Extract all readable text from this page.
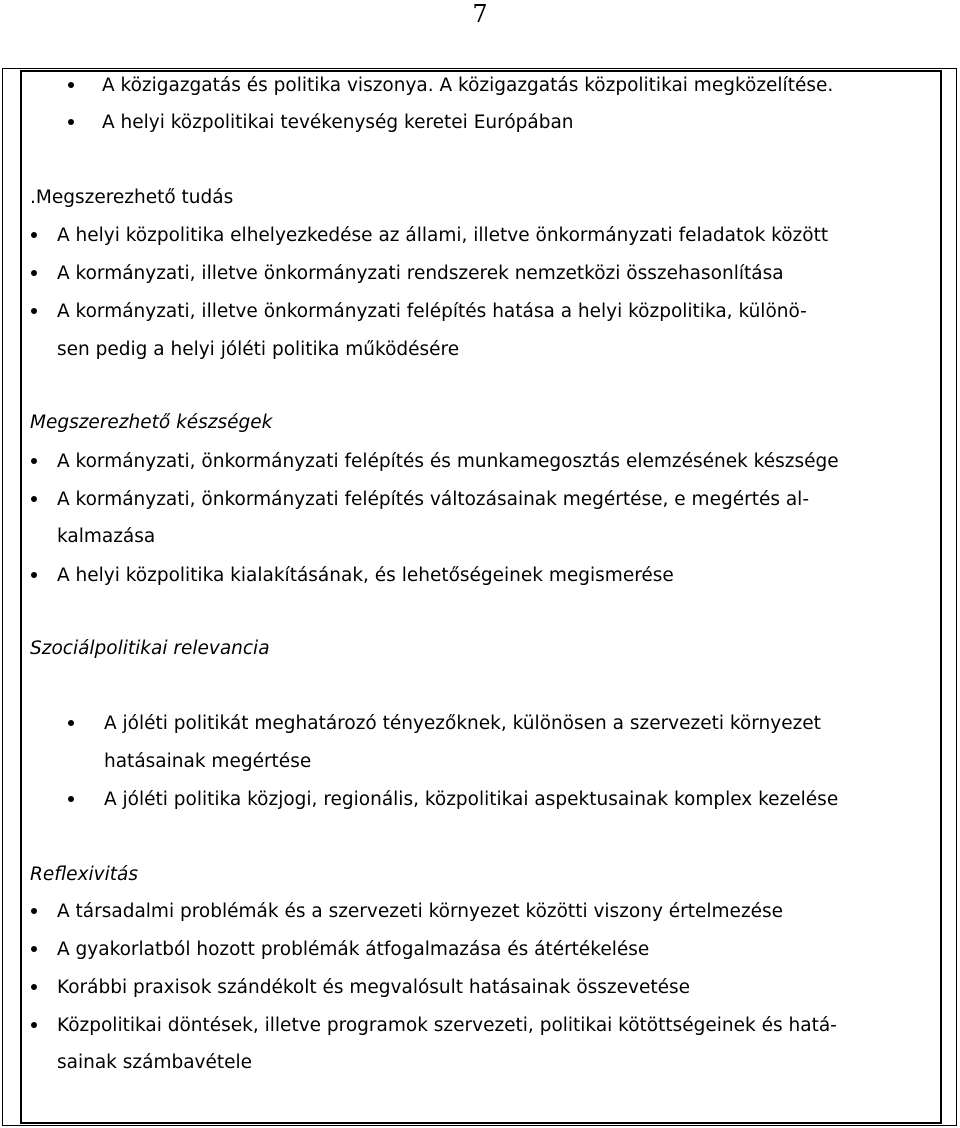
7
A közigazgatás és politika viszonya. A közigazgatás közpolitikai megközelítése.
A helyi közpolitikai tevékenység keretei Európában
.Megszerezhető tudás
A helyi közpolitika elhelyezkedése az állami, illetve önkormányzati feladatok között
A kormányzati, illetve önkormányzati rendszerek nemzetközi összehasonlítása
A kormányzati, illetve önkormányzati felépítés hatása a helyi közpolitika, különö-
sen pedig a helyi jóléti politika működésére
Megszerezhető készségek
A kormányzati, önkormányzati felépítés és munkamegosztás elemzésének készsége
A kormányzati, önkormányzati felépítés változásainak megértése, e megértés al-
kalmazása
A helyi közpolitika kialakításának, és lehetőségeinek megismerése
Szociálpolitikai relevancia
A jóléti politikát meghatározó tényezőknek, különösen a szervezeti környezet
hatásainak megértése
A jóléti politika közjogi, regionális, közpolitikai aspektusainak komplex kezelése
Reflexivitás
A társadalmi problémák és a szervezeti környezet közötti viszony értelmezése
A gyakorlatból hozott problémák átfogalmazása és átértékelése
Korábbi praxisok szándékolt és megvalósult hatásainak összevetése
Közpolitikai döntések, illetve programok szervezeti, politikai kötöttségeinek és hatá-
sainak számbavétele
